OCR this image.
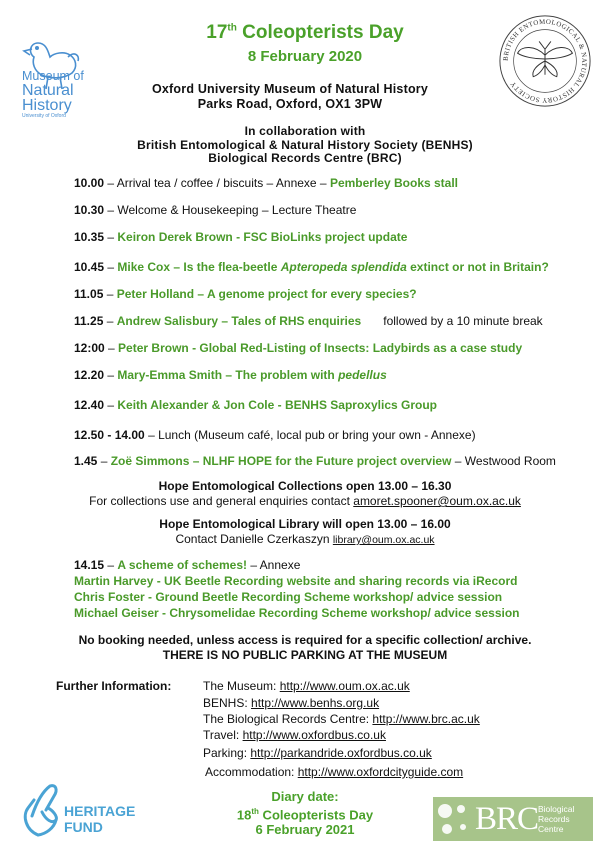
Museum of
Natural
History
University of Oxford
BRITISH ENTOMOLOGICAL & NATURAL HISTORY SOCIETY
17th Coleopterists Day
8 February 2020
Oxford University Museum of Natural History
Parks Road, Oxford, OX1 3PW
In collaboration with
British Entomological & Natural History Society (BENHS)
Biological Records Centre (BRC)
10.00 – Arrival tea / coffee / biscuits – Annexe – Pemberley Books stall
10.30 – Welcome & Housekeeping – Lecture Theatre
10.35 – Keiron Derek Brown - FSC BioLinks project update
10.45 – Mike Cox – Is the flea-beetle Apteropeda splendida extinct or not in Britain?
11.05 – Peter Holland – A genome project for every species?
11.25 – Andrew Salisbury – Tales of RHS enquiries followed by a 10 minute break
12:00 – Peter Brown - Global Red-Listing of Insects: Ladybirds as a case study
12.20 – Mary-Emma Smith – The problem with pedellus
12.40 – Keith Alexander & Jon Cole - BENHS Saproxylics Group
12.50 - 14.00 – Lunch (Museum café, local pub or bring your own - Annexe)
1.45 – Zoë Simmons – NLHF HOPE for the Future project overview – Westwood Room
Hope Entomological Collections open 13.00 – 16.30
For collections use and general enquiries contact amoret.spooner@oum.ox.ac.uk
Hope Entomological Library will open 13.00 – 16.00
Contact Danielle Czerkaszyn library@oum.ox.ac.uk
14.15 – A scheme of schemes! – Annexe
Martin Harvey - UK Beetle Recording website and sharing records via iRecord
Chris Foster - Ground Beetle Recording Scheme workshop/ advice session
Michael Geiser - Chrysomelidae Recording Scheme workshop/ advice session
No booking needed, unless access is required for a specific collection/ archive.
THERE IS NO PUBLIC PARKING AT THE MUSEUM
Further Information:	The Museum: http://www.oum.ox.ac.uk
BENHS: http://www.benhs.org.uk
The Biological Records Centre: http://www.brc.ac.uk
Travel: http://www.oxfordbus.co.uk
Parking: http://parkandride.oxfordbus.co.uk
Accommodation: http://www.oxfordcityguide.com
HERITAGE
FUND
Diary date:
18th Coleopterists Day
6 February 2021	BRC Biological
Records
Centre
